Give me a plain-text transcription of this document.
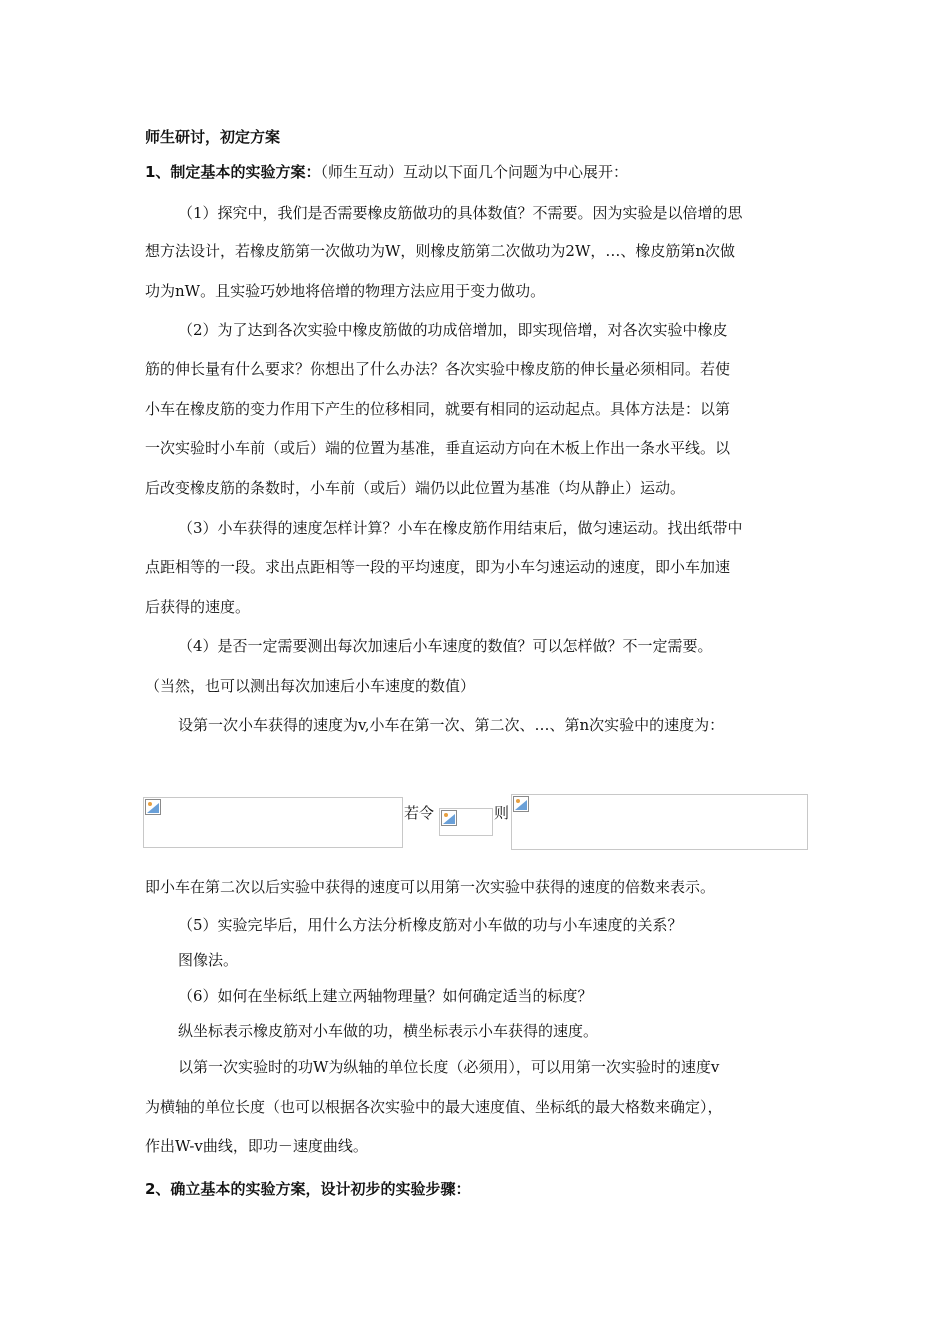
师生研讨，初定方案
1、制定基本的实验方案：（师生互动）互动以下面几个问题为中心展开：
（1）探究中，我们是否需要橡皮筋做功的具体数值？不需要。因为实验是以倍增的思
想方法设计，若橡皮筋第一次做功为W，则橡皮筋第二次做功为2W，…、橡皮筋第n次做
功为nW。且实验巧妙地将倍增的物理方法应用于变力做功。
（2）为了达到各次实验中橡皮筋做的功成倍增加，即实现倍增，对各次实验中橡皮
筋的伸长量有什么要求？你想出了什么办法？各次实验中橡皮筋的伸长量必须相同。若使
小车在橡皮筋的变力作用下产生的位移相同，就要有相同的运动起点。具体方法是：以第
一次实验时小车前（或后）端的位置为基准，垂直运动方向在木板上作出一条水平线。以
后改变橡皮筋的条数时，小车前（或后）端仍以此位置为基准（均从静止）运动。
（3）小车获得的速度怎样计算？小车在橡皮筋作用结束后，做匀速运动。找出纸带中
点距相等的一段。求出点距相等一段的平均速度，即为小车匀速运动的速度，即小车加速
后获得的速度。
（4）是否一定需要测出每次加速后小车速度的数值？可以怎样做？不一定需要。
（当然，也可以测出每次加速后小车速度的数值）
设第一次小车获得的速度为v,小车在第一次、第二次、…、第n次实验中的速度为：
若令	则
即小车在第二次以后实验中获得的速度可以用第一次实验中获得的速度的倍数来表示。
（5）实验完毕后，用什么方法分析橡皮筋对小车做的功与小车速度的关系？
图像法。
（6）如何在坐标纸上建立两轴物理量？如何确定适当的标度？
纵坐标表示橡皮筋对小车做的功，横坐标表示小车获得的速度。
以第一次实验时的功W为纵轴的单位长度（必须用），可以用第一次实验时的速度v
为横轴的单位长度（也可以根据各次实验中的最大速度值、坐标纸的最大格数来确定），
作出W-v曲线，即功－速度曲线。
2、确立基本的实验方案，设计初步的实验步骤：
